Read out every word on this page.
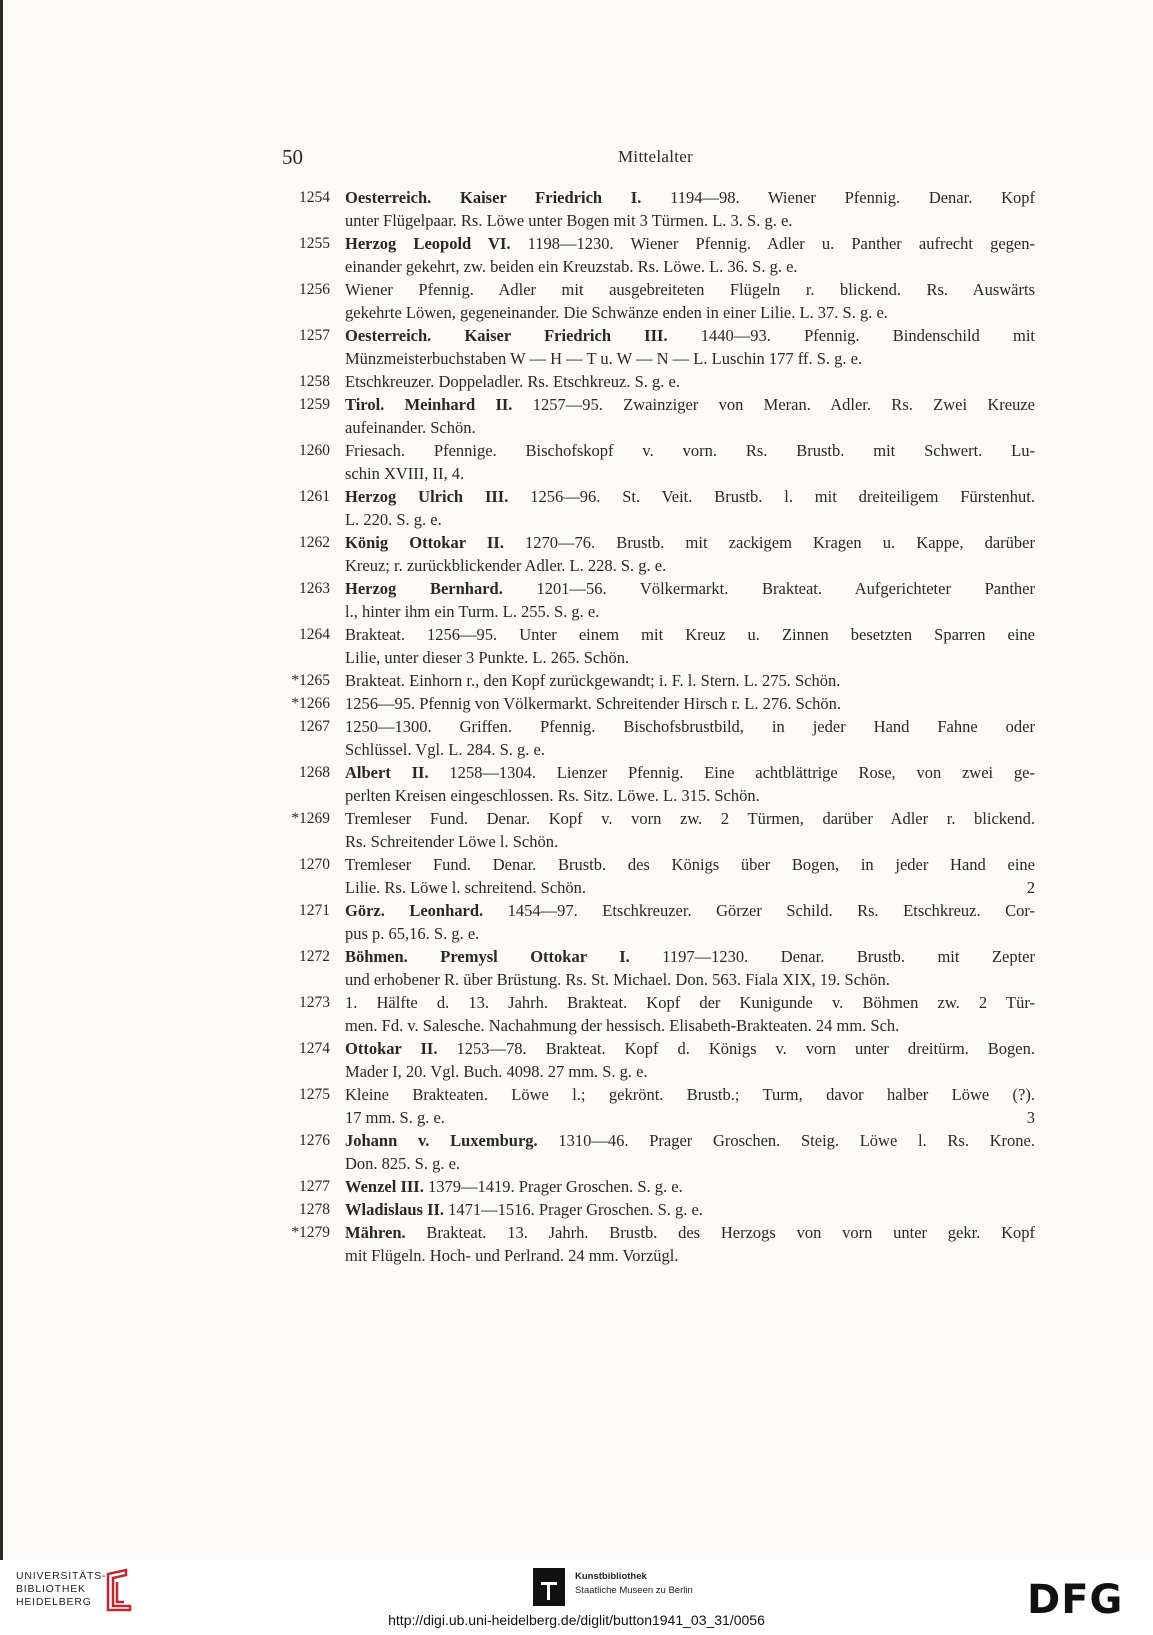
50	Mittelalter
1254 Oesterreich. Kaiser Friedrich I. 1194—98. Wiener Pfennig. Denar. Kopf
unter Flügelpaar. Rs. Löwe unter Bogen mit 3 Türmen. L. 3. S. g. e.
1255 Herzog Leopold VI. 1198—1230. Wiener Pfennig. Adler u. Panther aufrecht gegen-
einander gekehrt, zw. beiden ein Kreuzstab. Rs. Löwe. L. 36. S. g. e.
1256 Wiener Pfennig. Adler mit ausgebreiteten Flügeln r. blickend. Rs. Auswärts
gekehrte Löwen, gegeneinander. Die Schwänze enden in einer Lilie. L. 37. S. g. e.
1257 Oesterreich. Kaiser Friedrich III. 1440—93. Pfennig. Bindenschild mit
Münzmeisterbuchstaben W — H — T u. W — N — L. Luschin 177 ff. S. g. e.
1258 Etschkreuzer. Doppeladler. Rs. Etschkreuz. S. g. e.
1259 Tirol. Meinhard II. 1257—95. Zwainziger von Meran. Adler. Rs. Zwei Kreuze
aufeinander. Schön.
1260 Friesach. Pfennige. Bischofskopf v. vorn. Rs. Brustb. mit Schwert. Lu-
schin XVIII, II, 4.
1261 Herzog Ulrich III. 1256—96. St. Veit. Brustb. l. mit dreiteiligem Fürstenhut.
L. 220. S. g. e.
1262 König Ottokar II. 1270—76. Brustb. mit zackigem Kragen u. Kappe, darüber
Kreuz; r. zurückblickender Adler. L. 228. S. g. e.
1263 Herzog Bernhard. 1201—56. Völkermarkt. Brakteat. Aufgerichteter Panther
l., hinter ihm ein Turm. L. 255. S. g. e.
1264 Brakteat. 1256—95. Unter einem mit Kreuz u. Zinnen besetzten Sparren eine
Lilie, unter dieser 3 Punkte. L. 265. Schön.
*1265 Brakteat. Einhorn r., den Kopf zurückgewandt; i. F. l. Stern. L. 275. Schön.
*1266 1256—95. Pfennig von Völkermarkt. Schreitender Hirsch r. L. 276. Schön.
1267 1250—1300. Griffen. Pfennig. Bischofsbrustbild, in jeder Hand Fahne oder
Schlüssel. Vgl. L. 284. S. g. e.
1268 Albert II. 1258—1304. Lienzer Pfennig. Eine achtblättrige Rose, von zwei ge-
perlten Kreisen eingeschlossen. Rs. Sitz. Löwe. L. 315. Schön.
*1269 Tremleser Fund. Denar. Kopf v. vorn zw. 2 Türmen, darüber Adler r. blickend.
Rs. Schreitender Löwe l. Schön.
1270 Tremleser Fund. Denar. Brustb. des Königs über Bogen, in jeder Hand eine
Lilie. Rs. Löwe l. schreitend. Schön.	2
1271 Görz. Leonhard. 1454—97. Etschkreuzer. Görzer Schild. Rs. Etschkreuz. Cor-
pus p. 65,16. S. g. e.
1272 Böhmen. Premysl Ottokar I. 1197—1230. Denar. Brustb. mit Zepter
und erhobener R. über Brüstung. Rs. St. Michael. Don. 563. Fiala XIX, 19. Schön.
1273 1. Hälfte d. 13. Jahrh. Brakteat. Kopf der Kunigunde v. Böhmen zw. 2 Tür-
men. Fd. v. Salesche. Nachahmung der hessisch. Elisabeth-Brakteaten. 24 mm. Sch.
1274 Ottokar II. 1253—78. Brakteat. Kopf d. Königs v. vorn unter dreitürm. Bogen.
Mader I, 20. Vgl. Buch. 4098. 27 mm. S. g. e.
1275 Kleine Brakteaten. Löwe l.; gekrönt. Brustb.; Turm, davor halber Löwe (?).
17 mm. S. g. e.	3
1276 Johann v. Luxemburg. 1310—46. Prager Groschen. Steig. Löwe l. Rs. Krone.
Don. 825. S. g. e.
1277 Wenzel III. 1379—1419. Prager Groschen. S. g. e.
1278 Wladislaus II. 1471—1516. Prager Groschen. S. g. e.
*1279 Mähren. Brakteat. 13. Jahrh. Brustb. des Herzogs von vorn unter gekr. Kopf
mit Flügeln. Hoch- und Perlrand. 24 mm. Vorzügl.
UNIVERSITÄTS-
BIBLIOTHEK
HEIDELBERG
Kunstbibliothek
Staatliche Museen zu Berlin	DFG
http://digi.ub.uni-heidelberg.de/diglit/button1941_03_31/0056
